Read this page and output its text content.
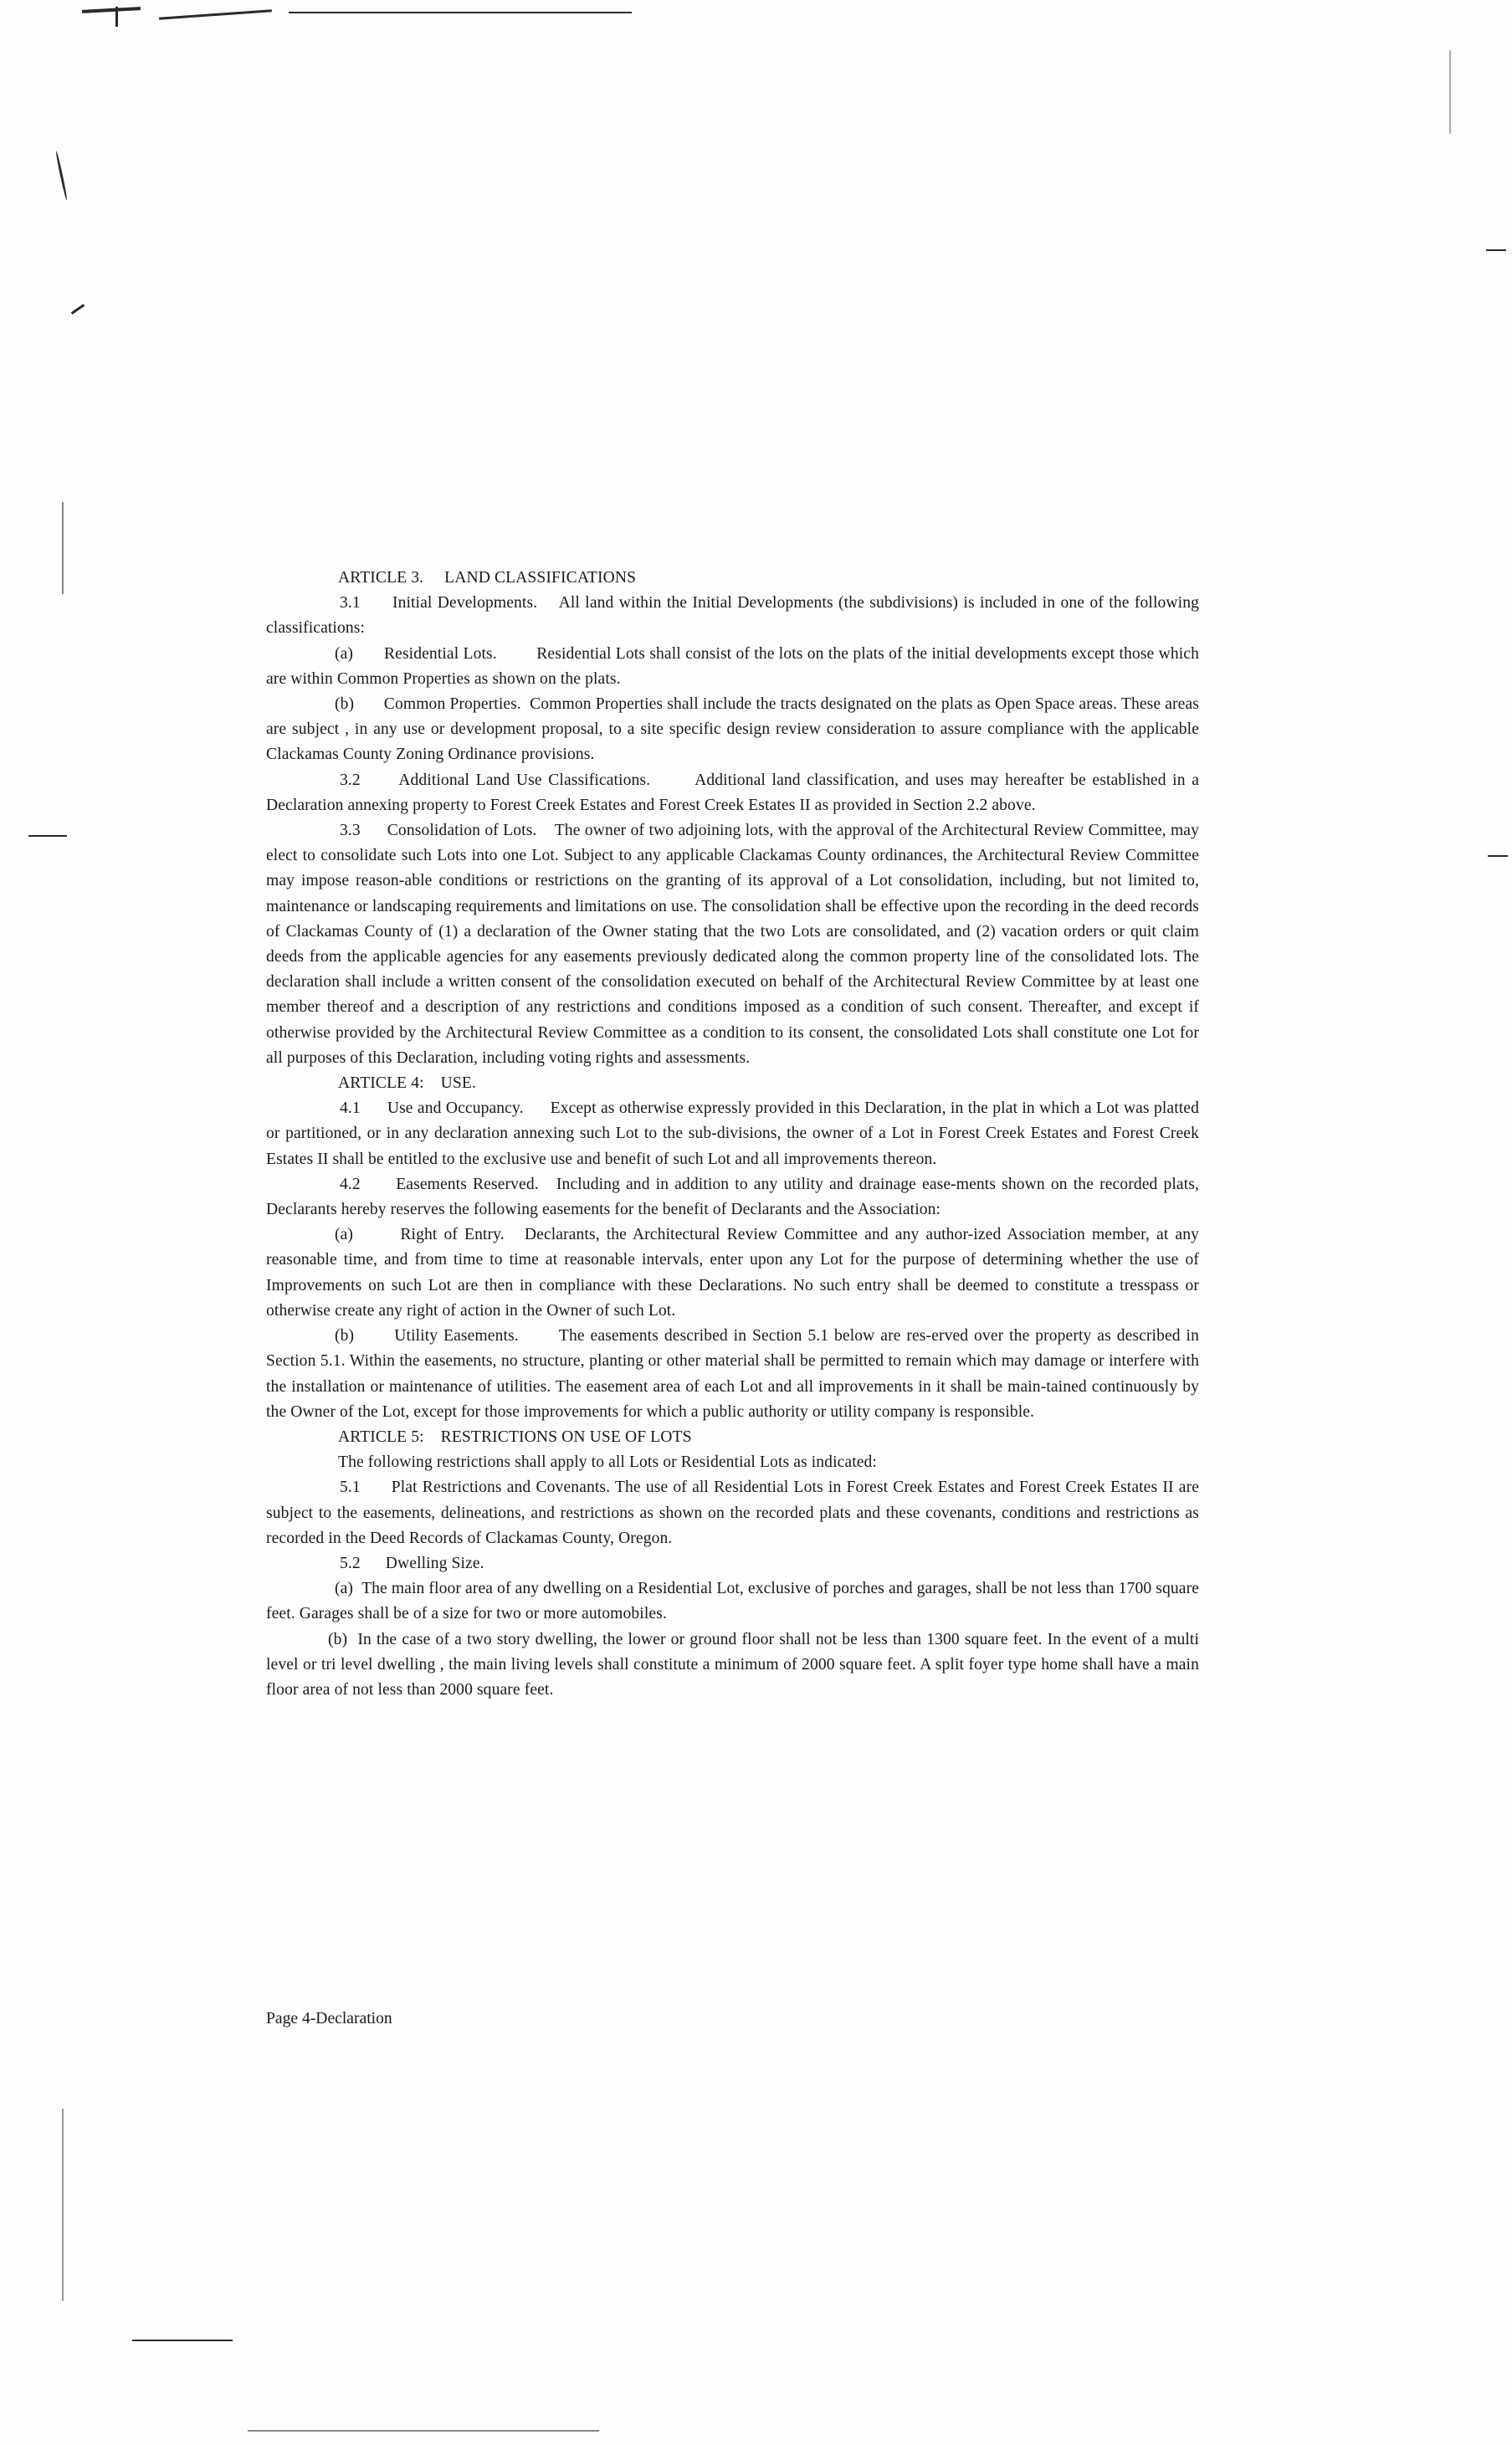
ARTICLE 3.     LAND CLASSIFICATIONS

3.1      Initial Developments.    All land within the Initial Developments (the subdivisions) is included in one of the following classifications:

(a)       Residential Lots.         Residential Lots shall consist of the lots on the plats of the initial developments except those which are within Common Properties as shown on the plats.

(b)       Common Properties.  Common Properties shall include the tracts designated on the plats as Open Space areas. These areas are subject , in any use or development proposal, to a site specific design review consideration to assure compliance with the applicable Clackamas County Zoning Ordinance provisions.

3.2      Additional Land Use Classifications.       Additional land classification, and uses may hereafter be established in a Declaration annexing property to Forest Creek Estates and Forest Creek Estates II as provided in Section 2.2 above.

3.3      Consolidation of Lots.    The owner of two adjoining lots, with the approval of the Architectural Review Committee, may elect to consolidate such Lots into one Lot. Subject to any applicable Clackamas County ordinances, the Architectural Review Committee may impose reason-able conditions or restrictions on the granting of its approval of a Lot consolidation, including, but not limited to, maintenance or landscaping requirements and limitations on use. The consolidation shall be effective upon the recording in the deed records of Clackamas County of (1) a declaration of the Owner stating that the two Lots are consolidated, and (2) vacation orders or quit claim deeds from the applicable agencies for any easements previously dedicated along the common property line of the consolidated lots. The declaration shall include a written consent of the consolidation executed on behalf of the Architectural Review Committee by at least one member thereof and a description of any restrictions and conditions imposed as a condition of such consent. Thereafter, and except if otherwise provided by the Architectural Review Committee as a condition to its consent, the consolidated Lots shall constitute one Lot for all purposes of this Declaration, including voting rights and assessments.

ARTICLE 4:    USE.

4.1      Use and Occupancy.      Except as otherwise expressly provided in this Declaration, in the plat in which a Lot was platted or partitioned, or in any declaration annexing such Lot to the sub-divisions, the owner of a Lot in Forest Creek Estates and Forest Creek Estates II shall be entitled to the exclusive use and benefit of such Lot and all improvements thereon.

4.2      Easements Reserved.   Including and in addition to any utility and drainage ease-ments shown on the recorded plats, Declarants hereby reserves the following easements for the benefit of Declarants and the Association:

(a)       Right of Entry.   Declarants, the Architectural Review Committee and any author-ized Association member, at any reasonable time, and from time to time at reasonable intervals, enter upon any Lot for the purpose of determining whether the use of Improvements on such Lot are then in compliance with these Declarations. No such entry shall be deemed to constitute a tresspass or otherwise create any right of action in the Owner of such Lot.

(b)       Utility Easements.       The easements described in Section 5.1 below are res-erved over the property as described in Section 5.1. Within the easements, no structure, planting or other material shall be permitted to remain which may damage or interfere with the installation or maintenance of utilities. The easement area of each Lot and all improvements in it shall be main-tained continuously by the Owner of the Lot, except for those improvements for which a public authority or utility company is responsible.

ARTICLE 5:    RESTRICTIONS ON USE OF LOTS

The following restrictions shall apply to all Lots or Residential Lots as indicated:

5.1      Plat Restrictions and Covenants. The use of all Residential Lots in Forest Creek Estates and Forest Creek Estates II are subject to the easements, delineations, and restrictions as shown on the recorded plats and these covenants, conditions and restrictions as recorded in the Deed Records of Clackamas County, Oregon.

5.2      Dwelling Size.

(a)  The main floor area of any dwelling on a Residential Lot, exclusive of porches and garages, shall be not less than 1700 square feet. Garages shall be of a size for two or more automobiles.

(b)  In the case of a two story dwelling, the lower or ground floor shall not be less than 1300 square feet. In the event of a multi level or tri level dwelling , the main living levels shall constitute a minimum of 2000 square feet. A split foyer type home shall have a main floor area of not less than 2000 square feet.

Page 4-Declaration
